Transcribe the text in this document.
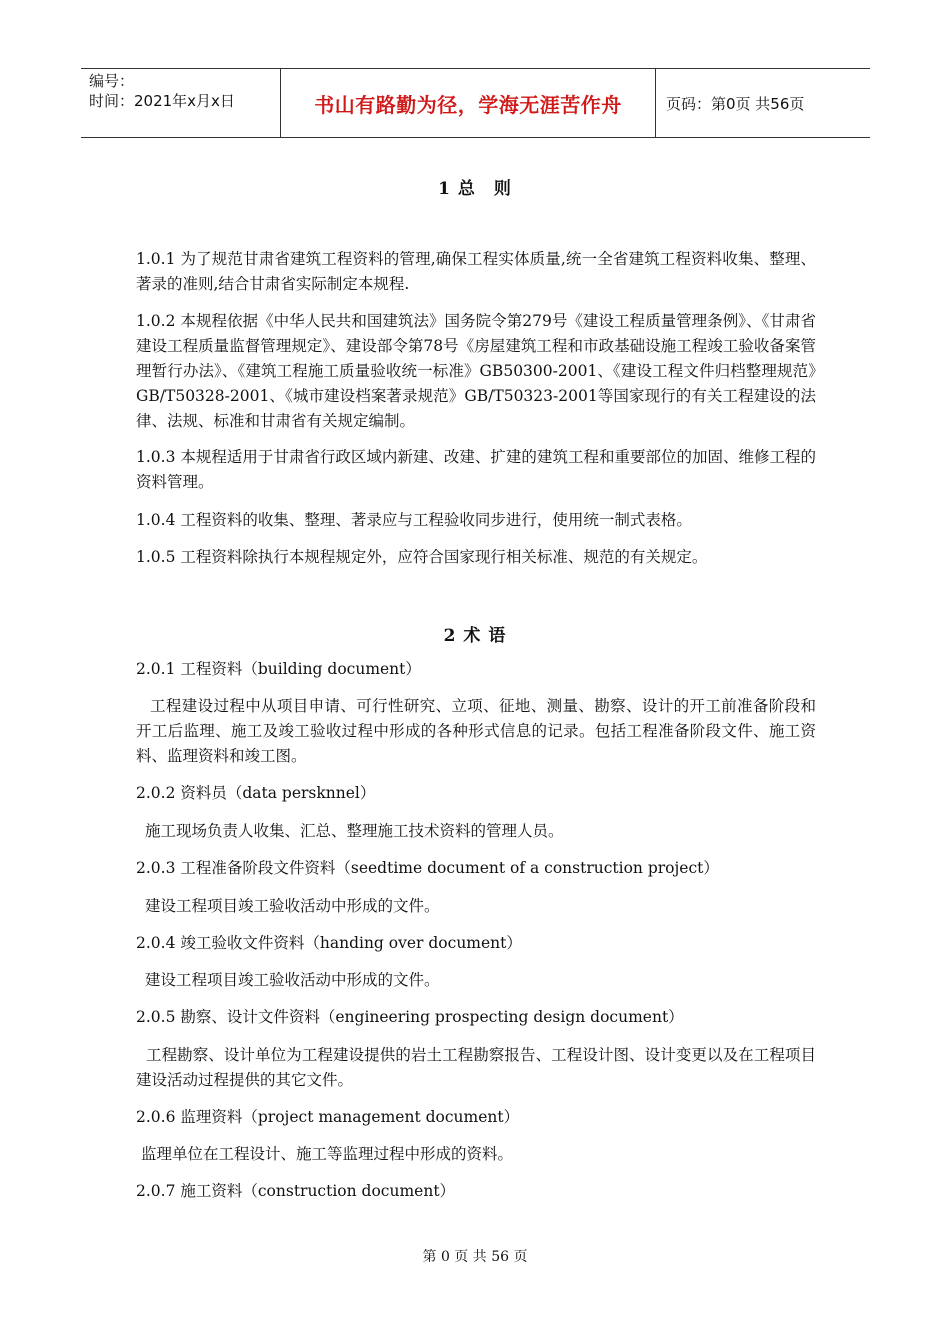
编号：
时间：2021年x月x日	书山有路勤为径，学海无涯苦作舟	页码：第0页 共56页
1 总　则
1.0.1 为了规范甘肃省建筑工程资料的管理,确保工程实体质量,统一全省建筑工程资料收集、整理、著录的准则,结合甘肃省实际制定本规程.
1.0.2 本规程依据《中华人民共和国建筑法》国务院令第279号《建设工程质量管理条例》、《甘肃省建设工程质量监督管理规定》、建设部令第78号《房屋建筑工程和市政基础设施工程竣工验收备案管理暂行办法》、《建筑工程施工质量验收统一标准》GB50300-2001、《建设工程文件归档整理规范》GB/T50328-2001、《城市建设档案著录规范》GB/T50323-2001等国家现行的有关工程建设的法律、法规、标准和甘肃省有关规定编制。
1.0.3 本规程适用于甘肃省行政区域内新建、改建、扩建的建筑工程和重要部位的加固、维修工程的资料管理。
1.0.4 工程资料的收集、整理、著录应与工程验收同步进行，使用统一制式表格。
1.0.5 工程资料除执行本规程规定外，应符合国家现行相关标准、规范的有关规定。
2 术 语
2.0.1 工程资料（building document）
工程建设过程中从项目申请、可行性研究、立项、征地、测量、勘察、设计的开工前准备阶段和开工后监理、施工及竣工验收过程中形成的各种形式信息的记录。包括工程准备阶段文件、施工资料、监理资料和竣工图。
2.0.2 资料员（data persknnel）
施工现场负责人收集、汇总、整理施工技术资料的管理人员。
2.0.3 工程准备阶段文件资料（seedtime document of a construction project）
建设工程项目竣工验收活动中形成的文件。
2.0.4 竣工验收文件资料（handing over document）
建设工程项目竣工验收活动中形成的文件。
2.0.5 勘察、设计文件资料（engineering prospecting design document）
工程勘察、设计单位为工程建设提供的岩土工程勘察报告、工程设计图、设计变更以及在工程项目建设活动过程提供的其它文件。
2.0.6 监理资料（project management document）
监理单位在工程设计、施工等监理过程中形成的资料。
2.0.7 施工资料（construction document）
第 0 页 共 56 页
